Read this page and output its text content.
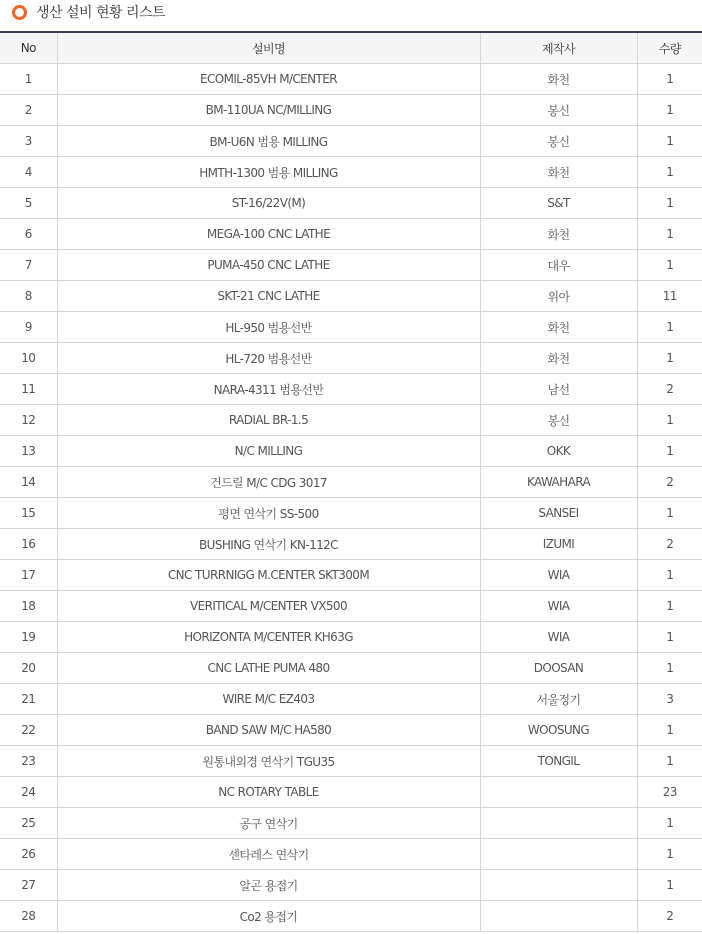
생산 설비 현황 리스트
No	설비명	제작사	수량
1	ECOMIL-85VH M/CENTER	화천	1
2	BM-110UA NC/MILLING	봉신	1
3	BM-U6N 범용 MILLING	봉신	1
4	HMTH-1300 범용 MILLING	화천	1
5	ST-16/22V(M)	S&T	1
6	MEGA-100 CNC LATHE	화천	1
7	PUMA-450 CNC LATHE	대우	1
8	SKT-21 CNC LATHE	위아	11
9	HL-950 범용선반	화천	1
10	HL-720 범용선반	화천	1
11	NARA-4311 범용선반	남선	2
12	RADIAL BR-1.5	봉신	1
13	N/C MILLING	OKK	1
14	건드릴 M/C CDG 3017	KAWAHARA	2
15	평면 연삭기 SS-500	SANSEI	1
16	BUSHING 연삭기 KN-112C	IZUMI	2
17	CNC TURRNIGG M.CENTER SKT300M	WIA	1
18	VERITICAL M/CENTER VX500	WIA	1
19	HORIZONTA M/CENTER KH63G	WIA	1
20	CNC LATHE PUMA 480	DOOSAN	1
21	WIRE M/C EZ403	서울정기	3
22	BAND SAW M/C HA580	WOOSUNG	1
23	원통내외경 연삭기 TGU35	TONGIL	1
24	NC ROTARY TABLE		23
25	공구 연삭기		1
26	센타레스 연삭기		1
27	알곤 용접기		1
28	Co2 용접기		2
